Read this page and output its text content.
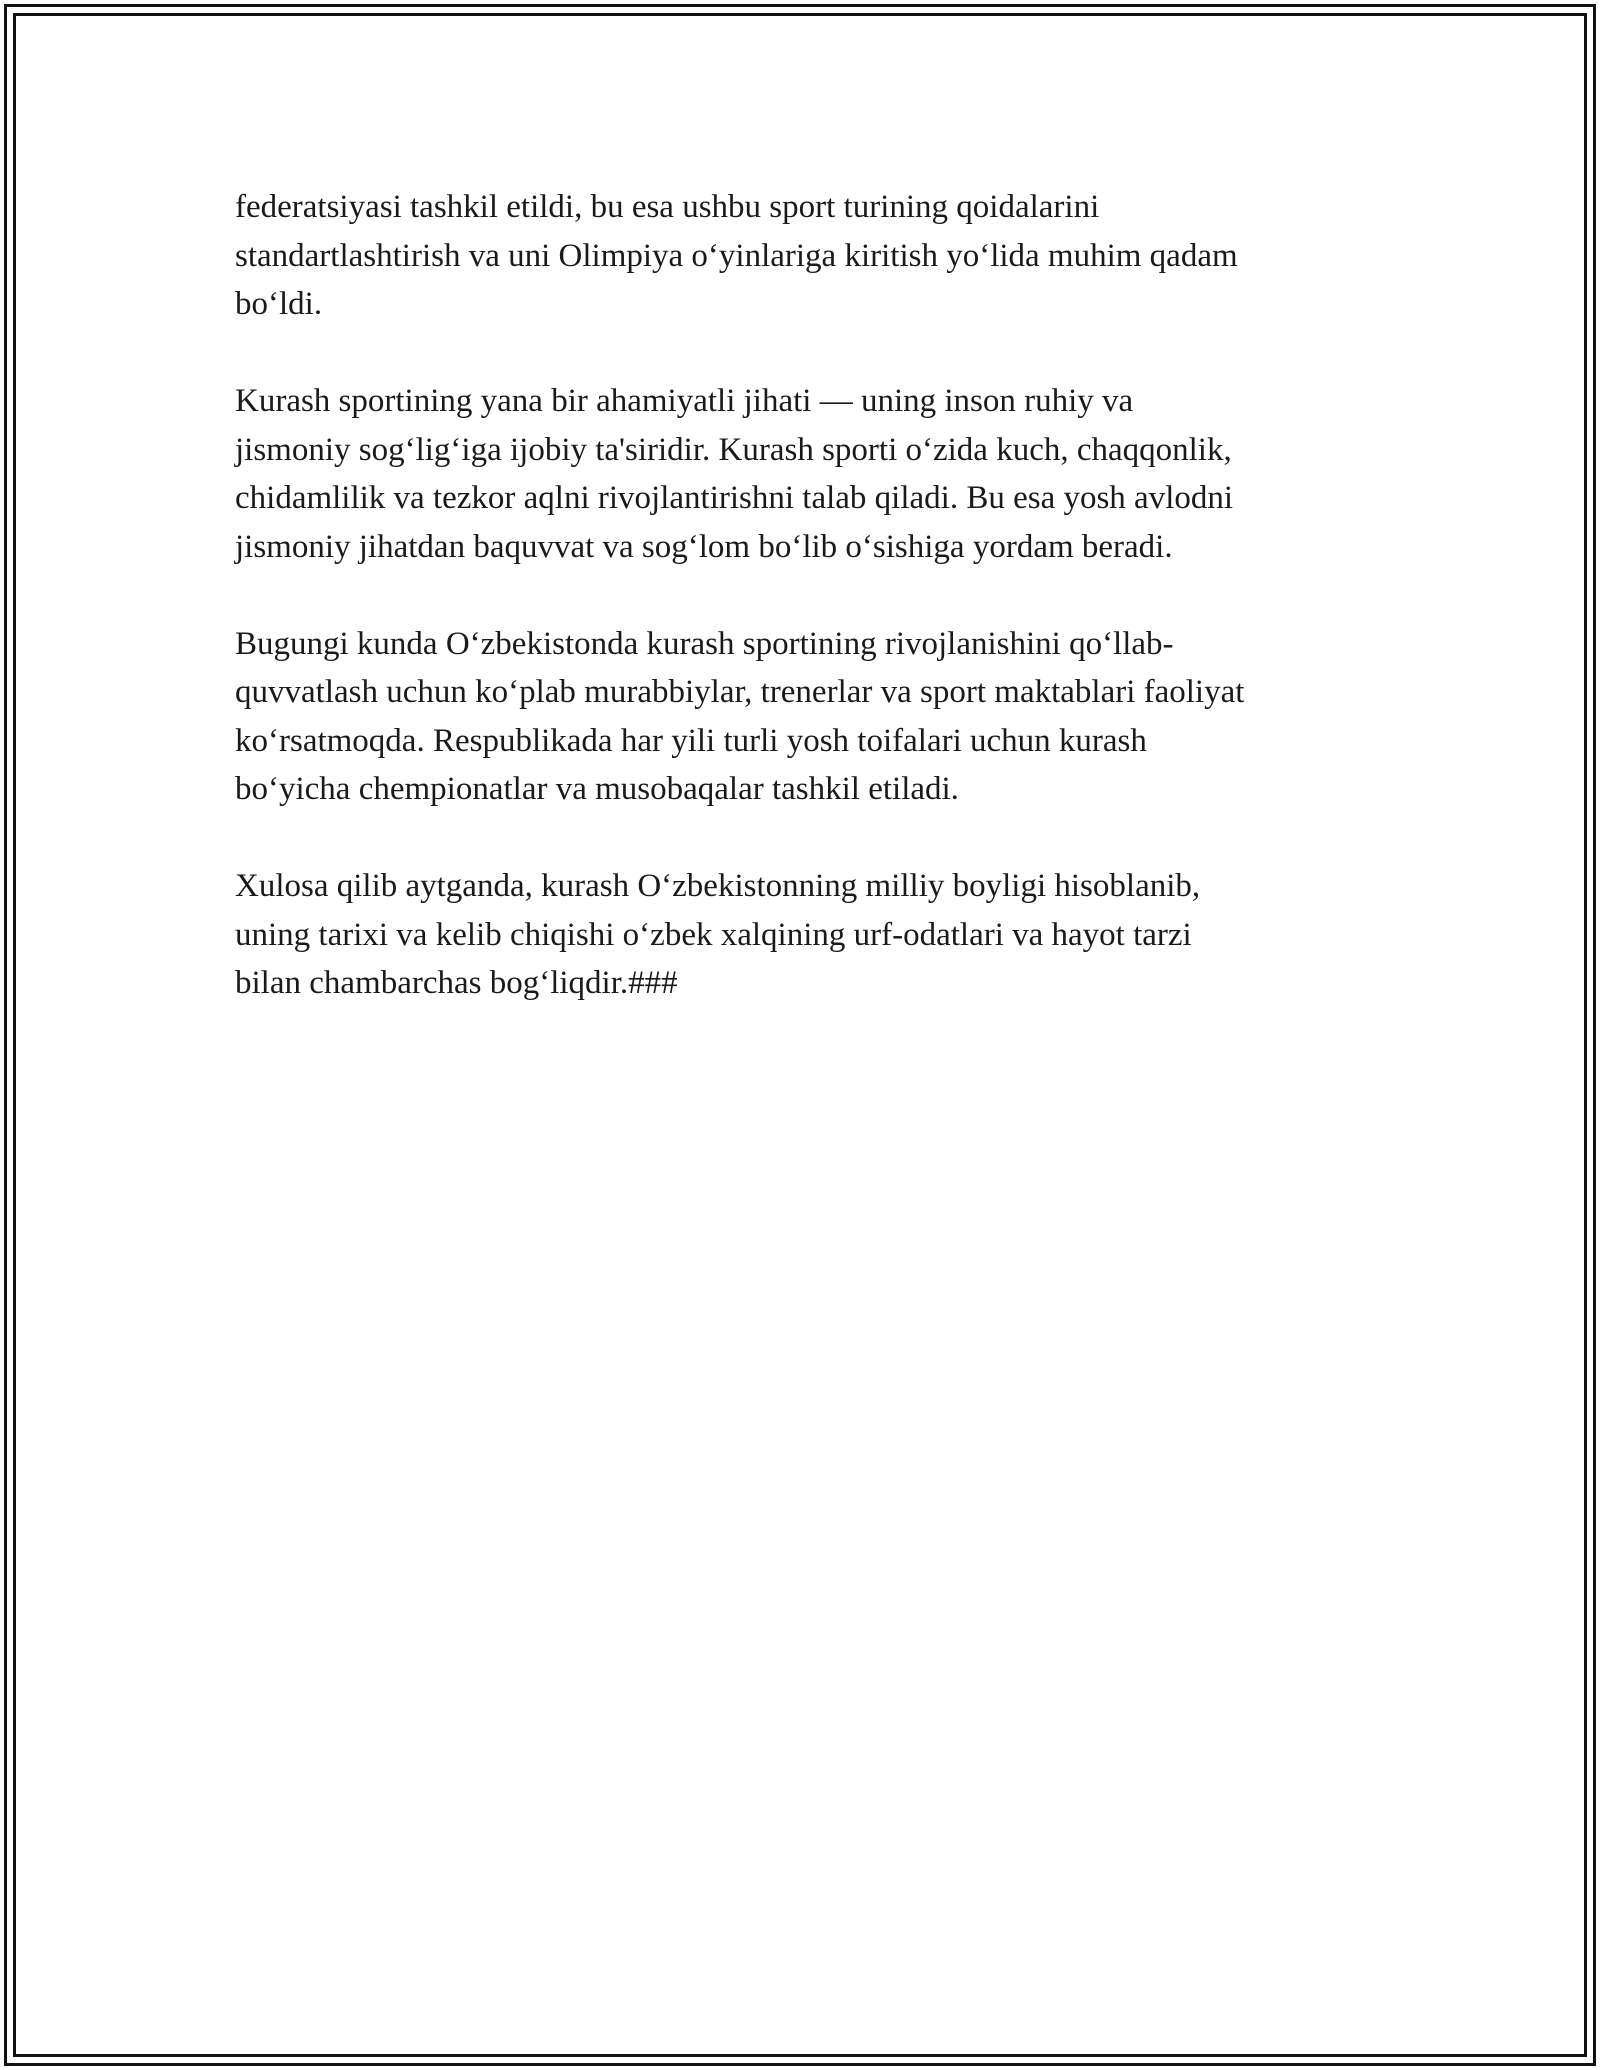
federatsiyasi tashkil etildi, bu esa ushbu sport turining qoidalarini
standartlashtirish va uni Olimpiya o‘yinlariga kiritish yo‘lida muhim qadam
bo‘ldi.

Kurash sportining yana bir ahamiyatli jihati — uning inson ruhiy va
jismoniy sog‘lig‘iga ijobiy ta'siridir. Kurash sporti o‘zida kuch, chaqqonlik,
chidamlilik va tezkor aqlni rivojlantirishni talab qiladi. Bu esa yosh avlodni
jismoniy jihatdan baquvvat va sog‘lom bo‘lib o‘sishiga yordam beradi.

Bugungi kunda O‘zbekistonda kurash sportining rivojlanishini qo‘llab-
quvvatlash uchun ko‘plab murabbiylar, trenerlar va sport maktablari faoliyat
ko‘rsatmoqda. Respublikada har yili turli yosh toifalari uchun kurash
bo‘yicha chempionatlar va musobaqalar tashkil etiladi.

Xulosa qilib aytganda, kurash O‘zbekistonning milliy boyligi hisoblanib,
uning tarixi va kelib chiqishi o‘zbek xalqining urf-odatlari va hayot tarzi
bilan chambarchas bog‘liqdir.###
